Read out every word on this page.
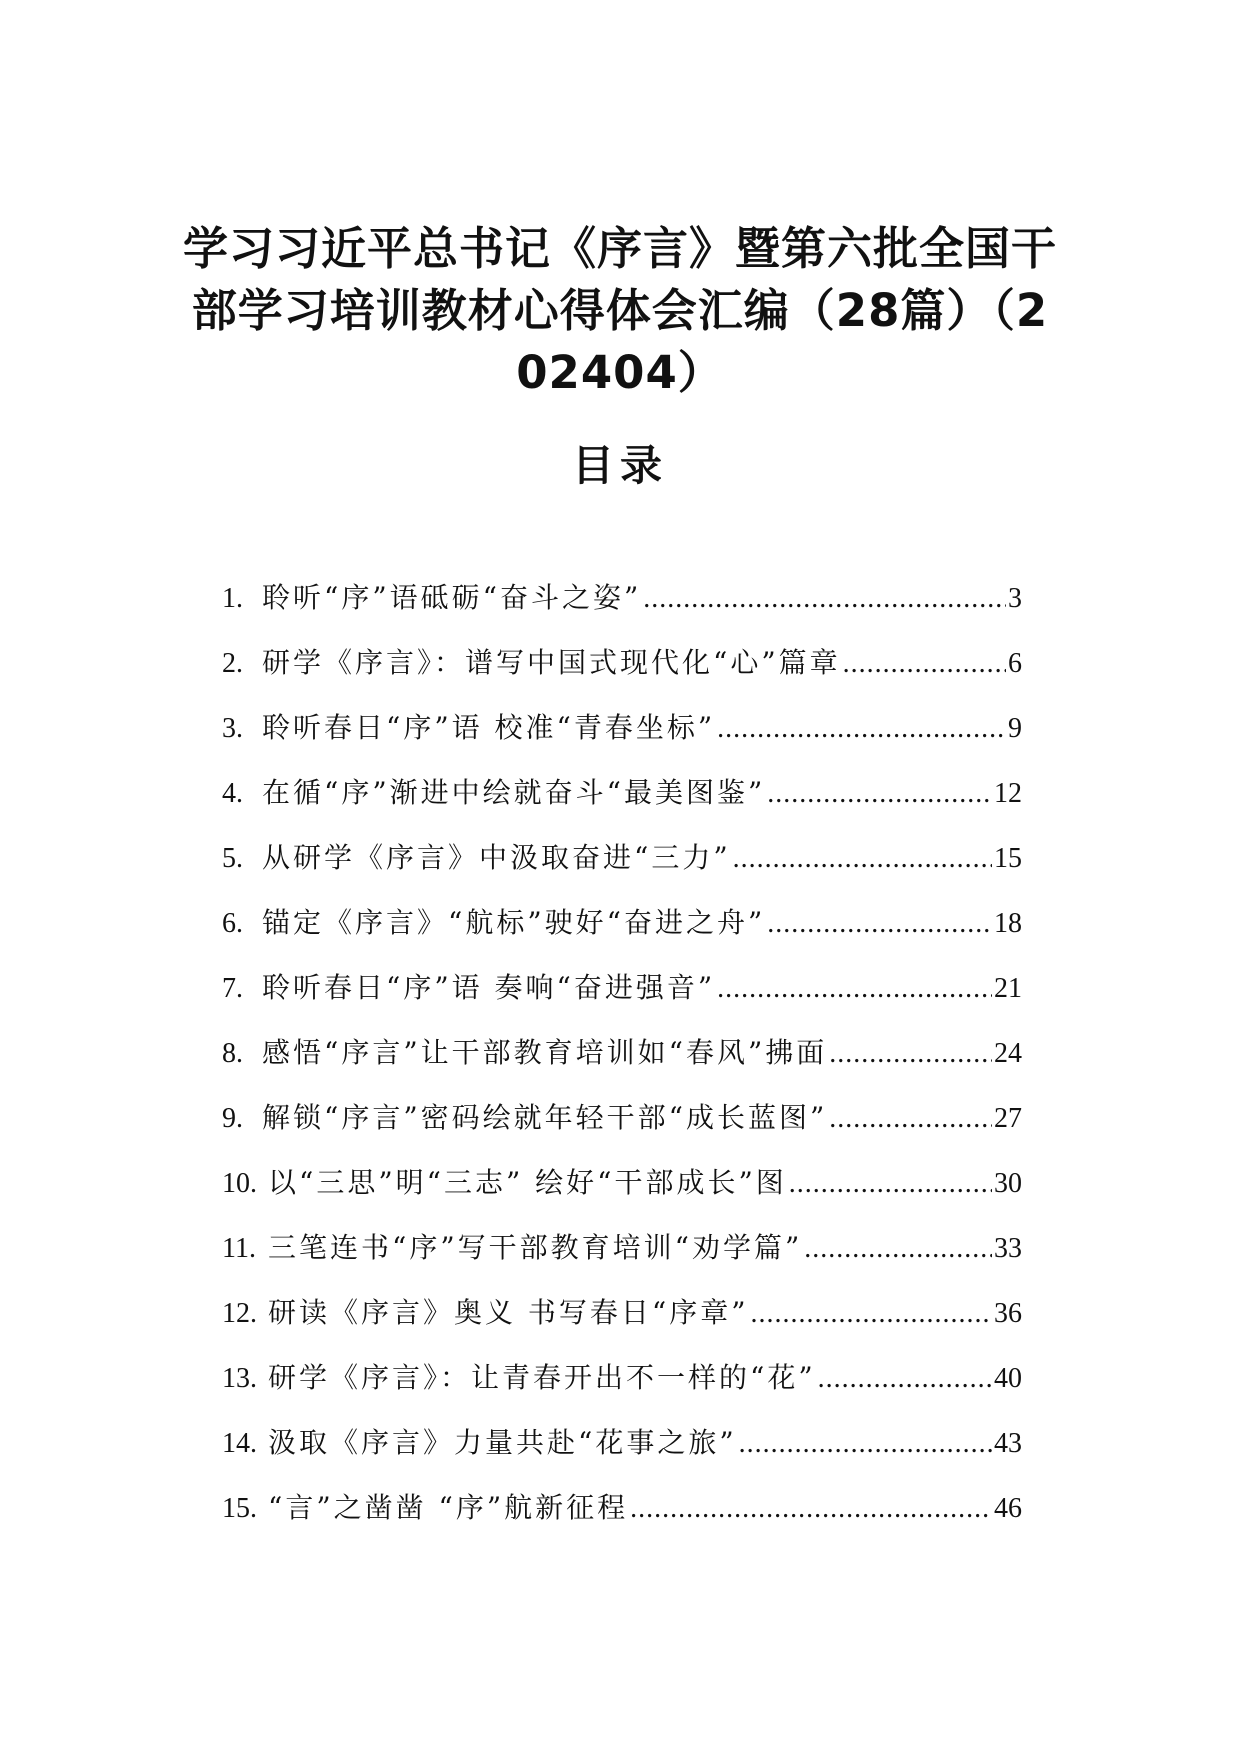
学习习近平总书记《序言》暨第六批全国干
部学习培训教材心得体会汇编（28篇）（2
02404）
目录
1. 聆听“序”语砥砺“奋斗之姿” .....	3
2. 研学《序言》：谱写中国式现代化“心”篇章 .....	6
3. 聆听春日“序”语 校准“青春坐标” .....	9
4. 在循“序”渐进中绘就奋斗“最美图鉴” .....	12
5. 从研学《序言》中汲取奋进“三力” .....	15
6. 锚定《序言》“航标”驶好“奋进之舟” .....	18
7. 聆听春日“序”语 奏响“奋进强音” .....	21
8. 感悟“序言”让干部教育培训如“春风”拂面 .....	24
9. 解锁“序言”密码绘就年轻干部“成长蓝图” .....	27
10. 以“三思”明“三志” 绘好“干部成长”图 .....	30
11. 三笔连书“序”写干部教育培训“劝学篇” .....	33
12. 研读《序言》奥义 书写春日“序章” .....	36
13. 研学《序言》：让青春开出不一样的“花” .....	40
14. 汲取《序言》力量共赴“花事之旅” .....	43
15. “言”之凿凿 “序”航新征程 .....	46
